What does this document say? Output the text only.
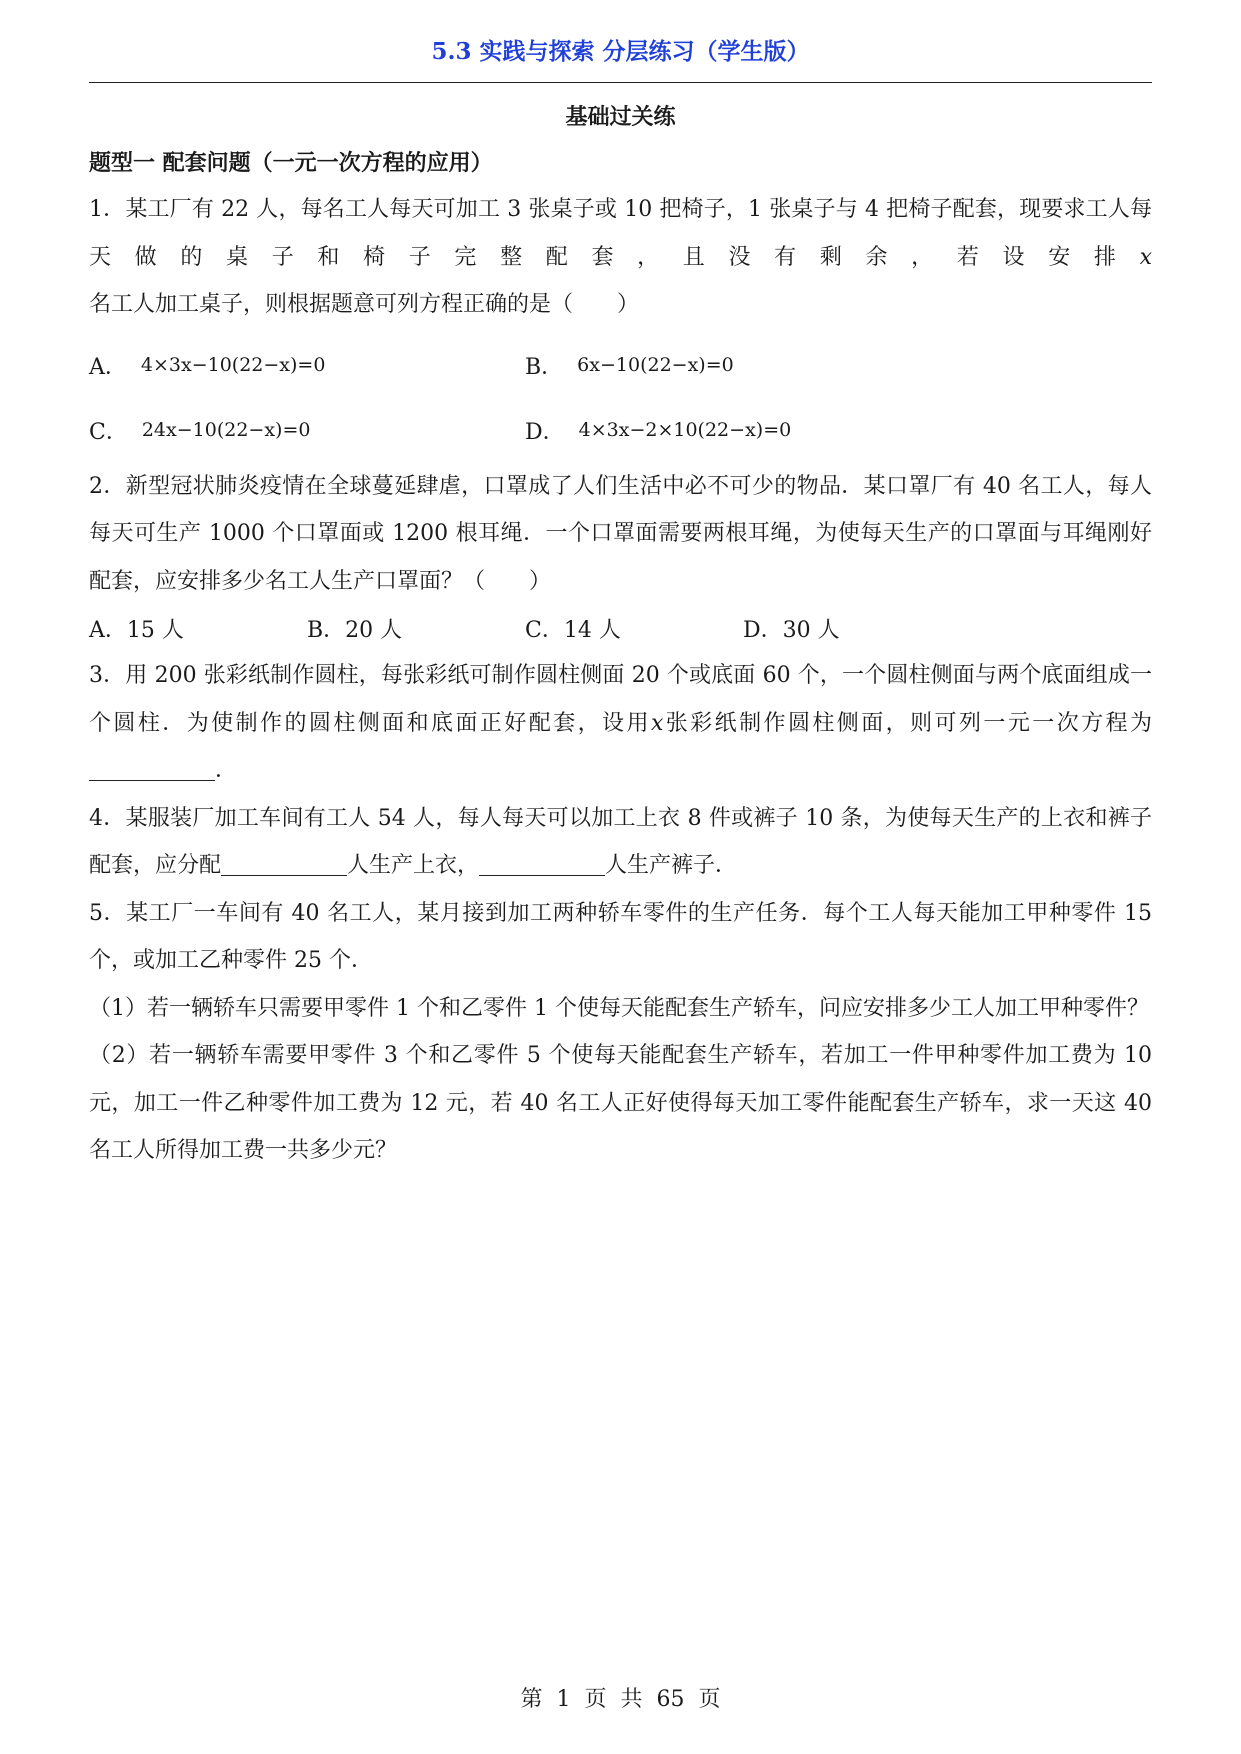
5.3 实践与探索 分层练习（学生版）
基础过关练
题型一 配套问题（一元一次方程的应用）

1．某工厂有 22 人，每名工人每天可加工 3 张桌子或 10 把椅子，1 张桌子与 4 把椅子配套，现要求工人每天做的桌子和椅子完整配套，且没有剩余，若设安排x名工人加工桌子，则根据题意可列方程正确的是（　　）

A． 4×3x−10(22−x)=0	B． 6x−10(22−x)=0
C． 24x−10(22−x)=0	D． 4×3x−2×10(22−x)=0

2．新型冠状肺炎疫情在全球蔓延肆虐，口罩成了人们生活中必不可少的物品．某口罩厂有 40 名工人，每人每天可生产 1000 个口罩面或 1200 根耳绳．一个口罩面需要两根耳绳，为使每天生产的口罩面与耳绳刚好配套，应安排多少名工人生产口罩面？（　　）

A． 15 人	B． 20 人	C． 14 人	D． 30 人

3．用 200 张彩纸制作圆柱，每张彩纸可制作圆柱侧面 20 个或底面 60 个，一个圆柱侧面与两个底面组成一个圆柱．为使制作的圆柱侧面和底面正好配套，设用x张彩纸制作圆柱侧面，则可列一元一次方程为．

4．某服装厂加工车间有工人 54 人，每人每天可以加工上衣 8 件或裤子 10 条，为使每天生产的上衣和裤子配套，应分配	人生产上衣，	人生产裤子．

5．某工厂一车间有 40 名工人，某月接到加工两种轿车零件的生产任务．每个工人每天能加工甲种零件 15 个，或加工乙种零件 25 个．

（1）若一辆轿车只需要甲零件 1 个和乙零件 1 个使每天能配套生产轿车，问应安排多少工人加工甲种零件？

（2）若一辆轿车需要甲零件 3 个和乙零件 5 个使每天能配套生产轿车，若加工一件甲种零件加工费为 10 元，加工一件乙种零件加工费为 12 元，若 40 名工人正好使得每天加工零件能配套生产轿车，求一天这 40 名工人所得加工费一共多少元？

第 1 页 共 65 页
